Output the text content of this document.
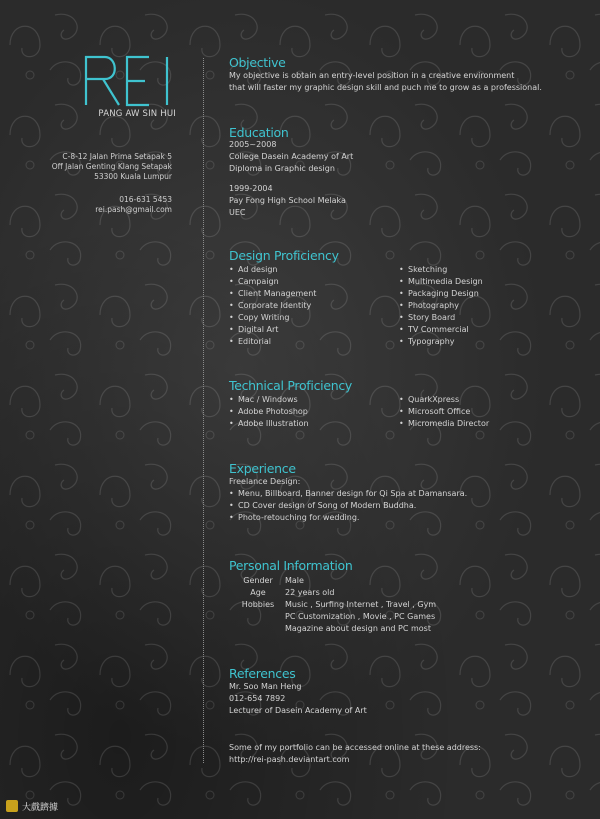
PANG AW SIN HUI
C-8-12 Jalan Prima Setapak 5
Off Jalan Genting Klang Setapak
53300 Kuala Lumpur
016-631 5453
rei.pash@gmail.com
Objective
My objective is obtain an entry-level position in a creative environment
that will faster my graphic design skill and puch me to grow as a professional.
Education
2005~2008
College Dasein Academy of Art
Diploma in Graphic design
1999-2004
Pay Fong High School Melaka
UEC
Design Proficiency
• Ad design
• Campaign
• Client Management
• Corporate Identity
• Copy Writing
• Digital Art
• Editorial
• Sketching
• Multimedia Design
• Packaging Design
• Photography
• Story Board
• TV Commercial
• Typography
Technical Proficiency
• Mac / Windows
• Adobe Photoshop
• Adobe Illustration
• QuarkXpress
• Microsoft Office
• Micromedia Director
Experience
Freelance Design:
• Menu, Billboard, Banner design for Qi Spa at Damansara.
• CD Cover design of Song of Modern Buddha.
• Photo-retouching for wedding.
Personal Information
Gender	Male
Age	22 years old
Hobbies	Music , Surfing Internet , Travel , Gym
PC Customization , Movie , PC Games
Magazine about design and PC most
References
Mr. Soo Man Heng
012-654 7892
Lecturer of Dasein Academy of Art
Some of my portfolio can be accessed online at these address:
http://rei-pash.deviantart.com
大戲躋據
